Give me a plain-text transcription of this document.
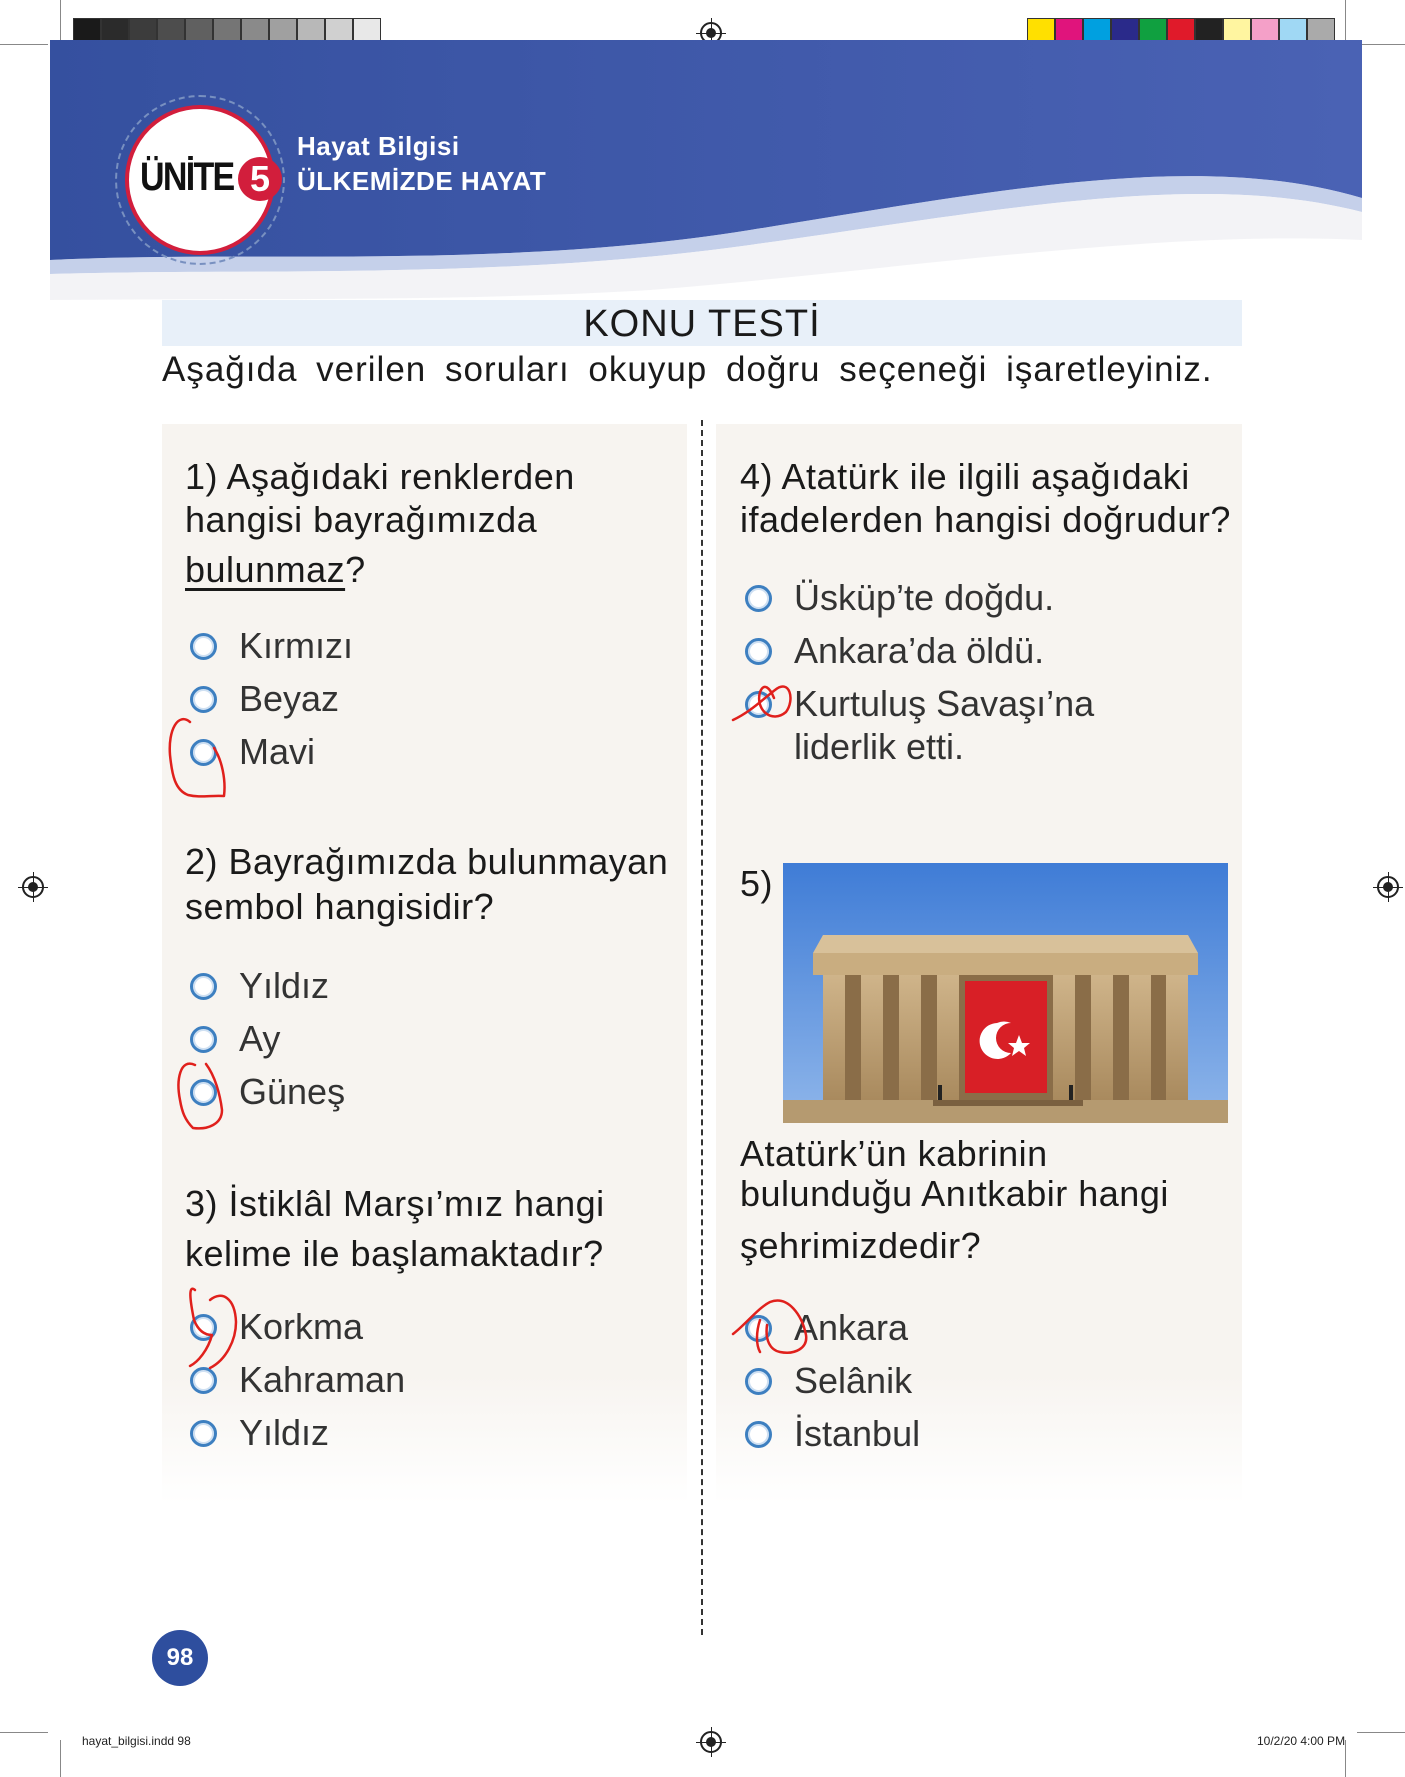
ÜNİTE 5
Hayat Bilgisi
ÜLKEMİZDE HAYAT
KONU TESTİ
Aşağıda verilen soruları okuyup doğru seçeneği işaretleyiniz.
1) Aşağıdaki renklerden
hangisi bayrağımızda
bulunmaz?
Kırmızı
Beyaz
Mavi
2) Bayrağımızda bulunmayan
sembol hangisidir?
Yıldız
Ay
Güneş
3) İstiklâl Marşı’mız hangi
kelime ile başlamaktadır?
Korkma
Kahraman
Yıldız
4) Atatürk ile ilgili aşağıdaki
ifadelerden hangisi doğrudur?
Üsküp’te doğdu.
Ankara’da öldü.
Kurtuluş Savaşı’na
liderlik etti.
5)
Atatürk’ün kabrinin
bulunduğu Anıtkabir hangi
şehrimizdedir?
Ankara
Selânik
İstanbul
98
hayat_bilgisi.indd 98	10/2/20 4:00 PM
